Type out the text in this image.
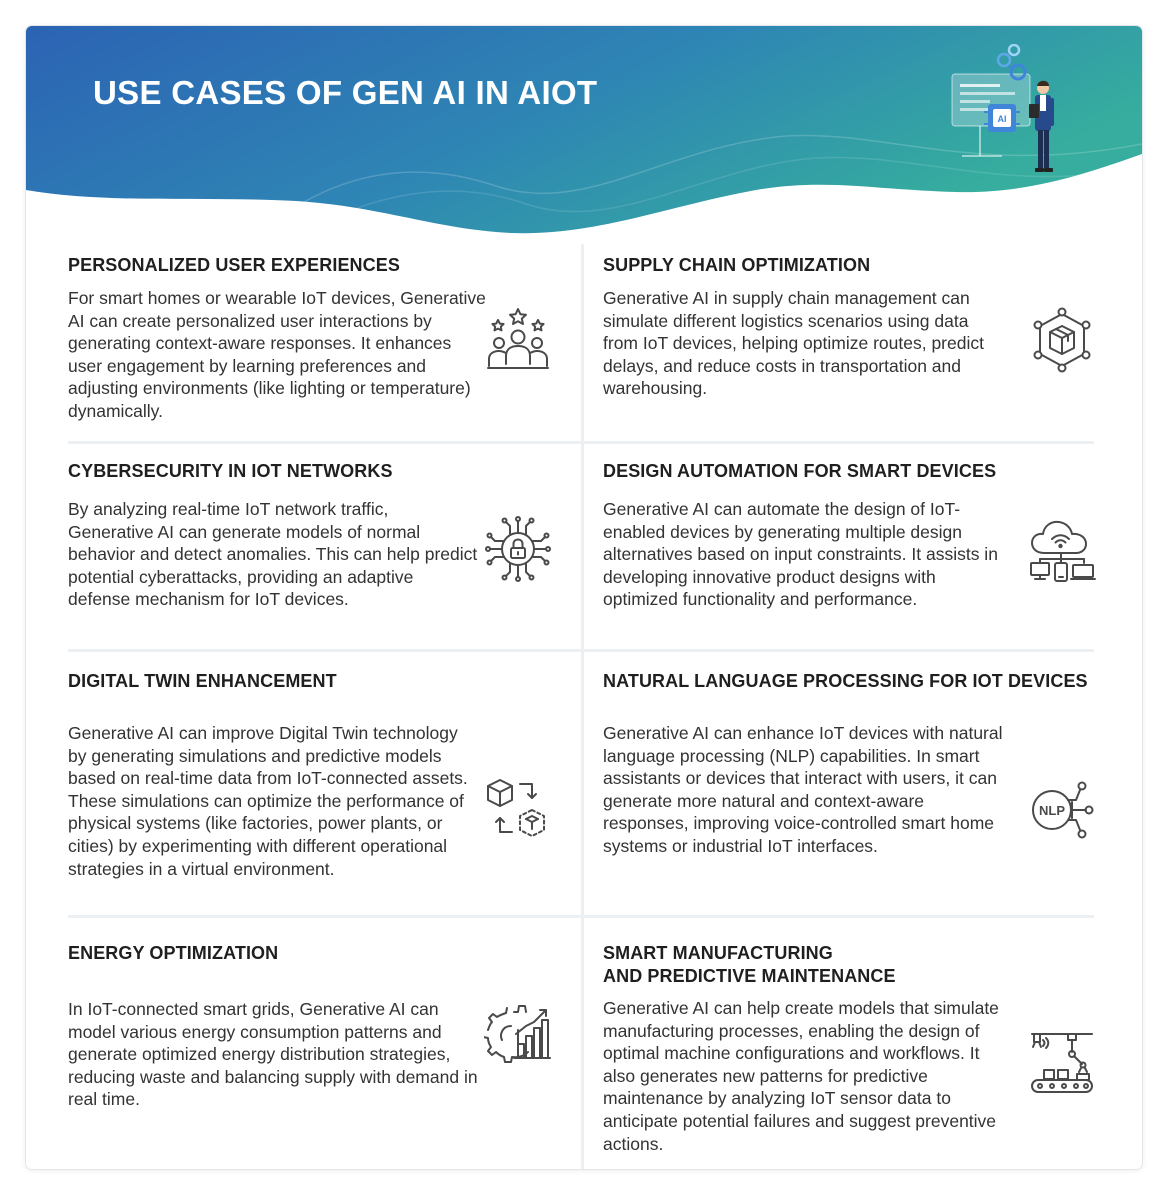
USE CASES OF GEN AI IN AIOT
AI
PERSONALIZED USER EXPERIENCES

For smart homes or wearable IoT devices, Generative AI can create personalized user interactions by generating context-aware responses. It enhances user engagement by learning preferences and adjusting environments (like lighting or temperature) dynamically.

SUPPLY CHAIN OPTIMIZATION

Generative AI in supply chain management can simulate different logistics scenarios using data from IoT devices, helping optimize routes, predict delays, and reduce costs in transportation and warehousing.

CYBERSECURITY IN IOT NETWORKS

By analyzing real-time IoT network traffic, Generative AI can generate models of normal behavior and detect anomalies. This can help predict potential cyberattacks, providing an adaptive defense mechanism for IoT devices.

DESIGN AUTOMATION FOR SMART DEVICES

Generative AI can automate the design of IoT-enabled devices by generating multiple design alternatives based on input constraints. It assists in developing innovative product designs with optimized functionality and performance.

DIGITAL TWIN ENHANCEMENT

Generative AI can improve Digital Twin technology by generating simulations and predictive models based on real-time data from IoT-connected assets. These simulations can optimize the performance of physical systems (like factories, power plants, or cities) by experimenting with different operational strategies in a virtual environment.

NATURAL LANGUAGE PROCESSING FOR IOT DEVICES

Generative AI can enhance IoT devices with natural language processing (NLP) capabilities. In smart assistants or devices that interact with users, it can generate more natural and context-aware responses, improving voice-controlled smart home systems or industrial IoT interfaces.

NLP
ENERGY OPTIMIZATION

In IoT-connected smart grids, Generative AI can model various energy consumption patterns and generate optimized energy distribution strategies, reducing waste and balancing supply with demand in real time.

SMART MANUFACTURING
AND PREDICTIVE MAINTENANCE

Generative AI can help create models that simulate manufacturing processes, enabling the design of optimal machine configurations and workflows. It also generates new patterns for predictive maintenance by analyzing IoT sensor data to anticipate potential failures and suggest preventive actions.
